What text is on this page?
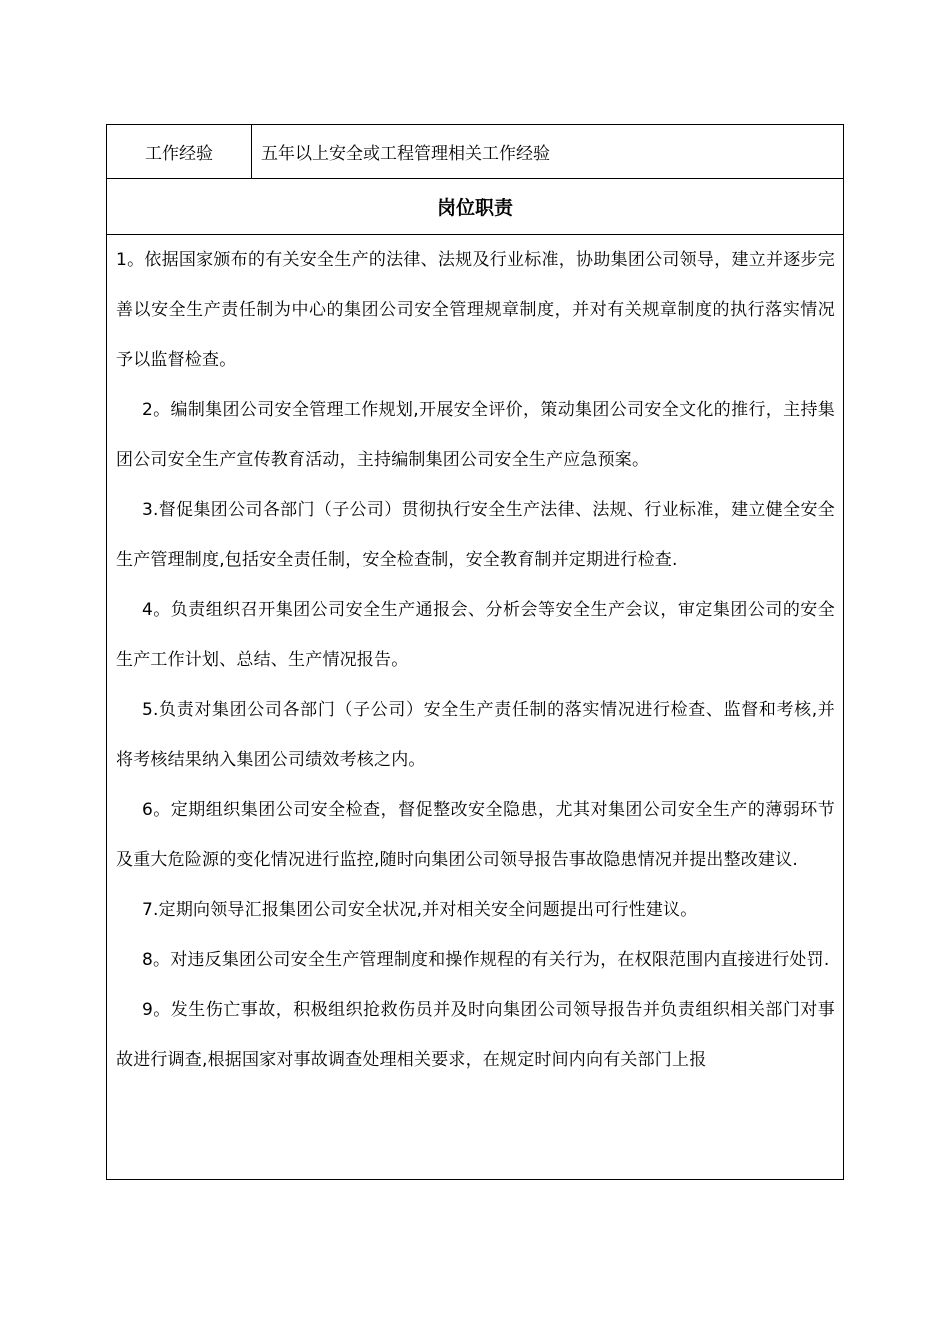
工作经验	五年以上安全或工程管理相关工作经验
岗位职责

1。依据国家颁布的有关安全生产的法律、法规及行业标准，协助集团公司领导，建立并逐步完善以安全生产责任制为中心的集团公司安全管理规章制度，并对有关规章制度的执行落实情况予以监督检查。

2。编制集团公司安全管理工作规划,开展安全评价，策动集团公司安全文化的推行，主持集团公司安全生产宣传教育活动，主持编制集团公司安全生产应急预案。

3.督促集团公司各部门（子公司）贯彻执行安全生产法律、法规、行业标准，建立健全安全生产管理制度,包括安全责任制，安全检查制，安全教育制并定期进行检查.

4。负责组织召开集团公司安全生产通报会、分析会等安全生产会议，审定集团公司的安全生产工作计划、总结、生产情况报告。

5.负责对集团公司各部门（子公司）安全生产责任制的落实情况进行检查、监督和考核,并将考核结果纳入集团公司绩效考核之内。

6。定期组织集团公司安全检查，督促整改安全隐患，尤其对集团公司安全生产的薄弱环节及重大危险源的变化情况进行监控,随时向集团公司领导报告事故隐患情况并提出整改建议.

7.定期向领导汇报集团公司安全状况,并对相关安全问题提出可行性建议。

8。对违反集团公司安全生产管理制度和操作规程的有关行为，在权限范围内直接进行处罚.

9。发生伤亡事故，积极组织抢救伤员并及时向集团公司领导报告并负责组织相关部门对事故进行调查,根据国家对事故调查处理相关要求，在规定时间内向有关部门上报
